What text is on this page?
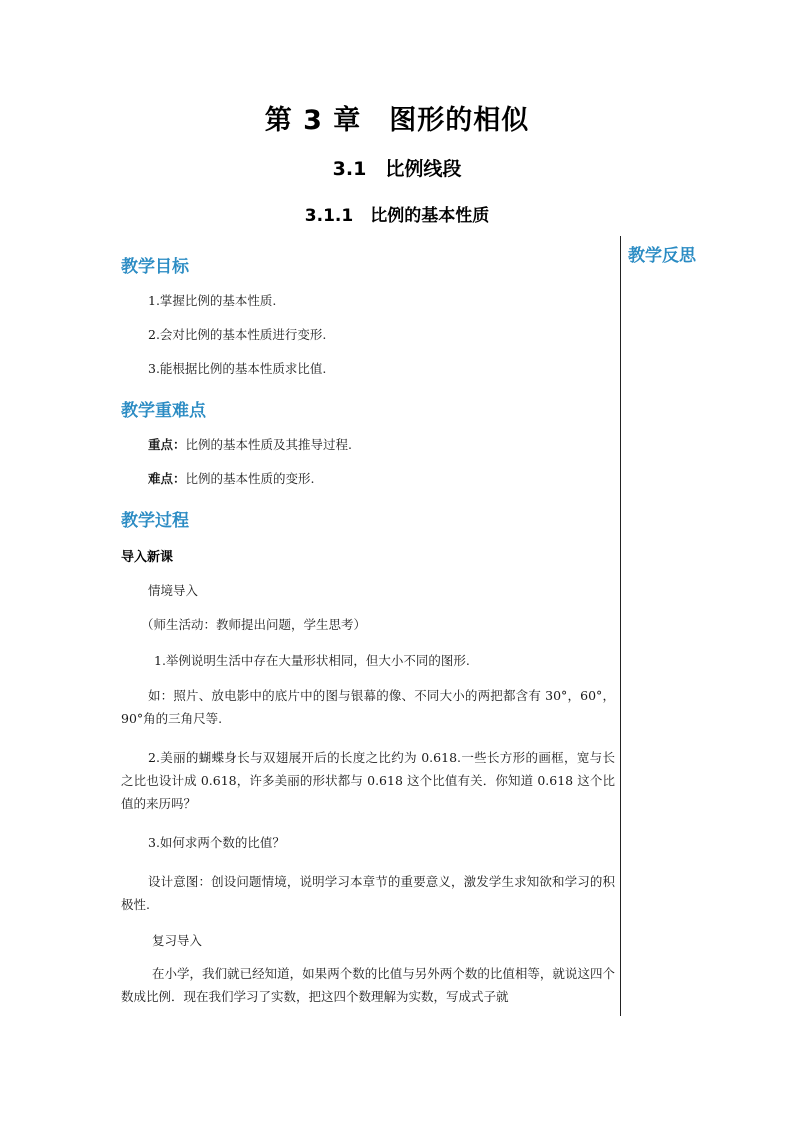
第 3 章　图形的相似
3.1　比例线段
3.1.1　比例的基本性质
教学反思
教学目标
1.掌握比例的基本性质.
2.会对比例的基本性质进行变形.
3.能根据比例的基本性质求比值.
教学重难点
重点：比例的基本性质及其推导过程.
难点：比例的基本性质的变形.
教学过程
导入新课
情境导入
（师生活动：教师提出问题，学生思考）
1.举例说明生活中存在大量形状相同，但大小不同的图形.
如：照片、放电影中的底片中的图与银幕的像、不同大小的两把都含有 30°，60°，90°角的三角尺等.
2.美丽的蝴蝶身长与双翅展开后的长度之比约为 0.618.一些长方形的画框，宽与长之比也设计成 0.618，许多美丽的形状都与 0.618 这个比值有关．你知道 0.618 这个比值的来历吗？
3.如何求两个数的比值？
设计意图：创设问题情境，说明学习本章节的重要意义，激发学生求知欲和学习的积极性.
复习导入
在小学，我们就已经知道，如果两个数的比值与另外两个数的比值相等，就说这四个数成比例．现在我们学习了实数，把这四个数理解为实数，写成式子就
